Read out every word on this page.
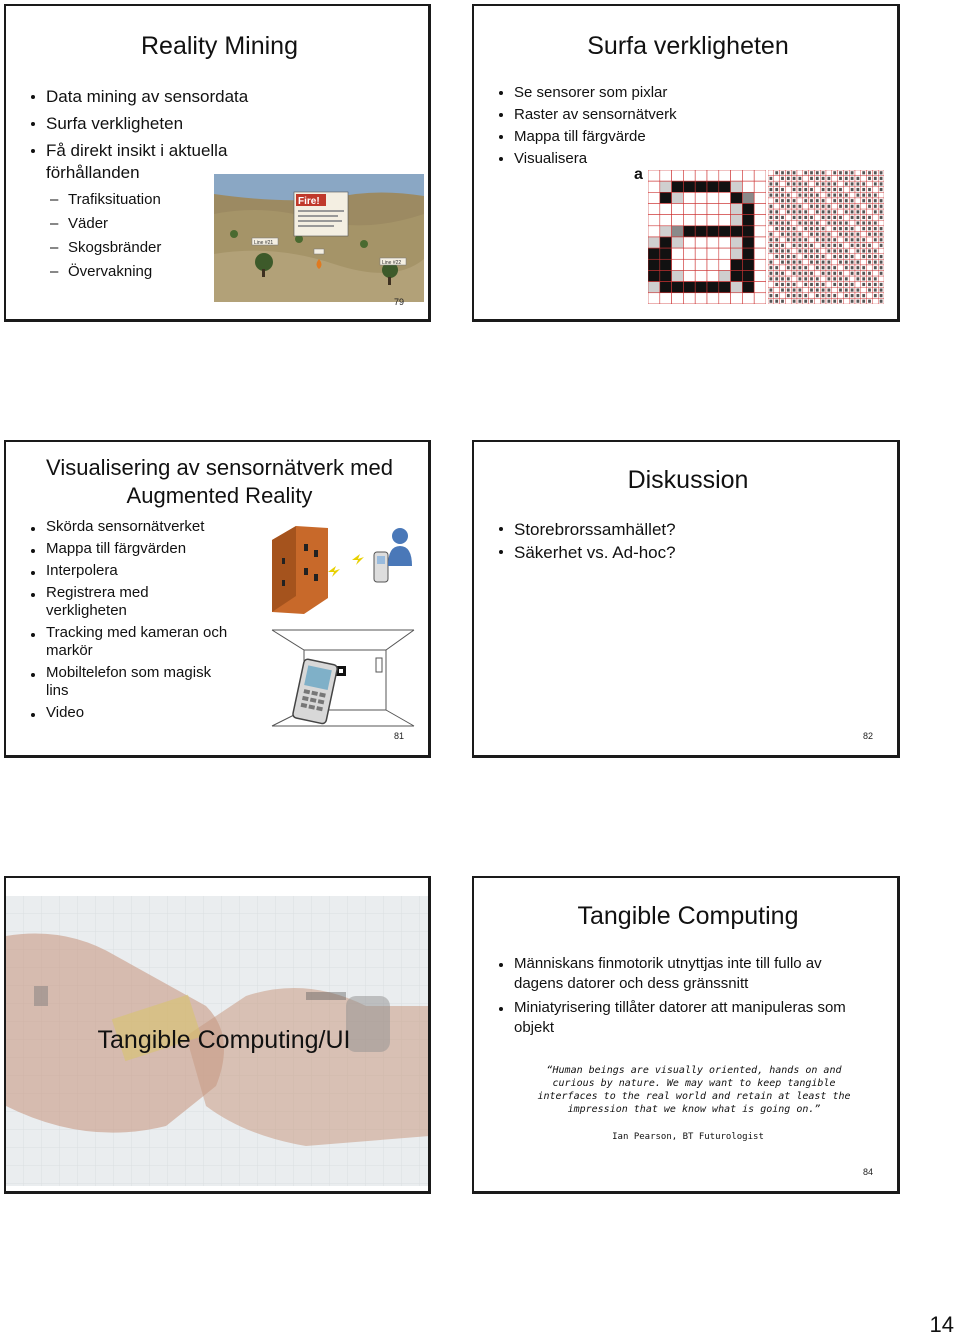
Reality Mining
Data mining av sensordata
Surfa verkligheten
Få direkt insikt i aktuella förhållanden
– Trafiksituation
– Väder
– Skogsbränder
– Övervakning
Fire!
Line #21
Line #22
79
Surfa verkligheten
Se sensorer som pixlar
Raster av sensornätverk
Mappa till färgvärde
Visualisera
a
Visualisering av sensornätverk med
Augmented Reality
Skörda sensornätverket
Mappa till färgvärden
Interpolera
Registrera med verkligheten
Tracking med kameran och markör
Mobiltelefon som magisk lins
Video
81
Diskussion
Storebrorssamhället?
Säkerhet vs. Ad-hoc?
82
Tangible Computing/UI
Tangible Computing
Människans finmotorik utnyttjas inte till fullo av dagens datorer och dess gränssnitt
Miniatyrisering tillåter datorer att manipuleras som objekt
“Human beings are visually oriented, hands on and curious by nature. We may want to keep tangible interfaces to the real world and retain at least the impression that we know what is going on.”
Ian Pearson, BT Futurologist
84
14
